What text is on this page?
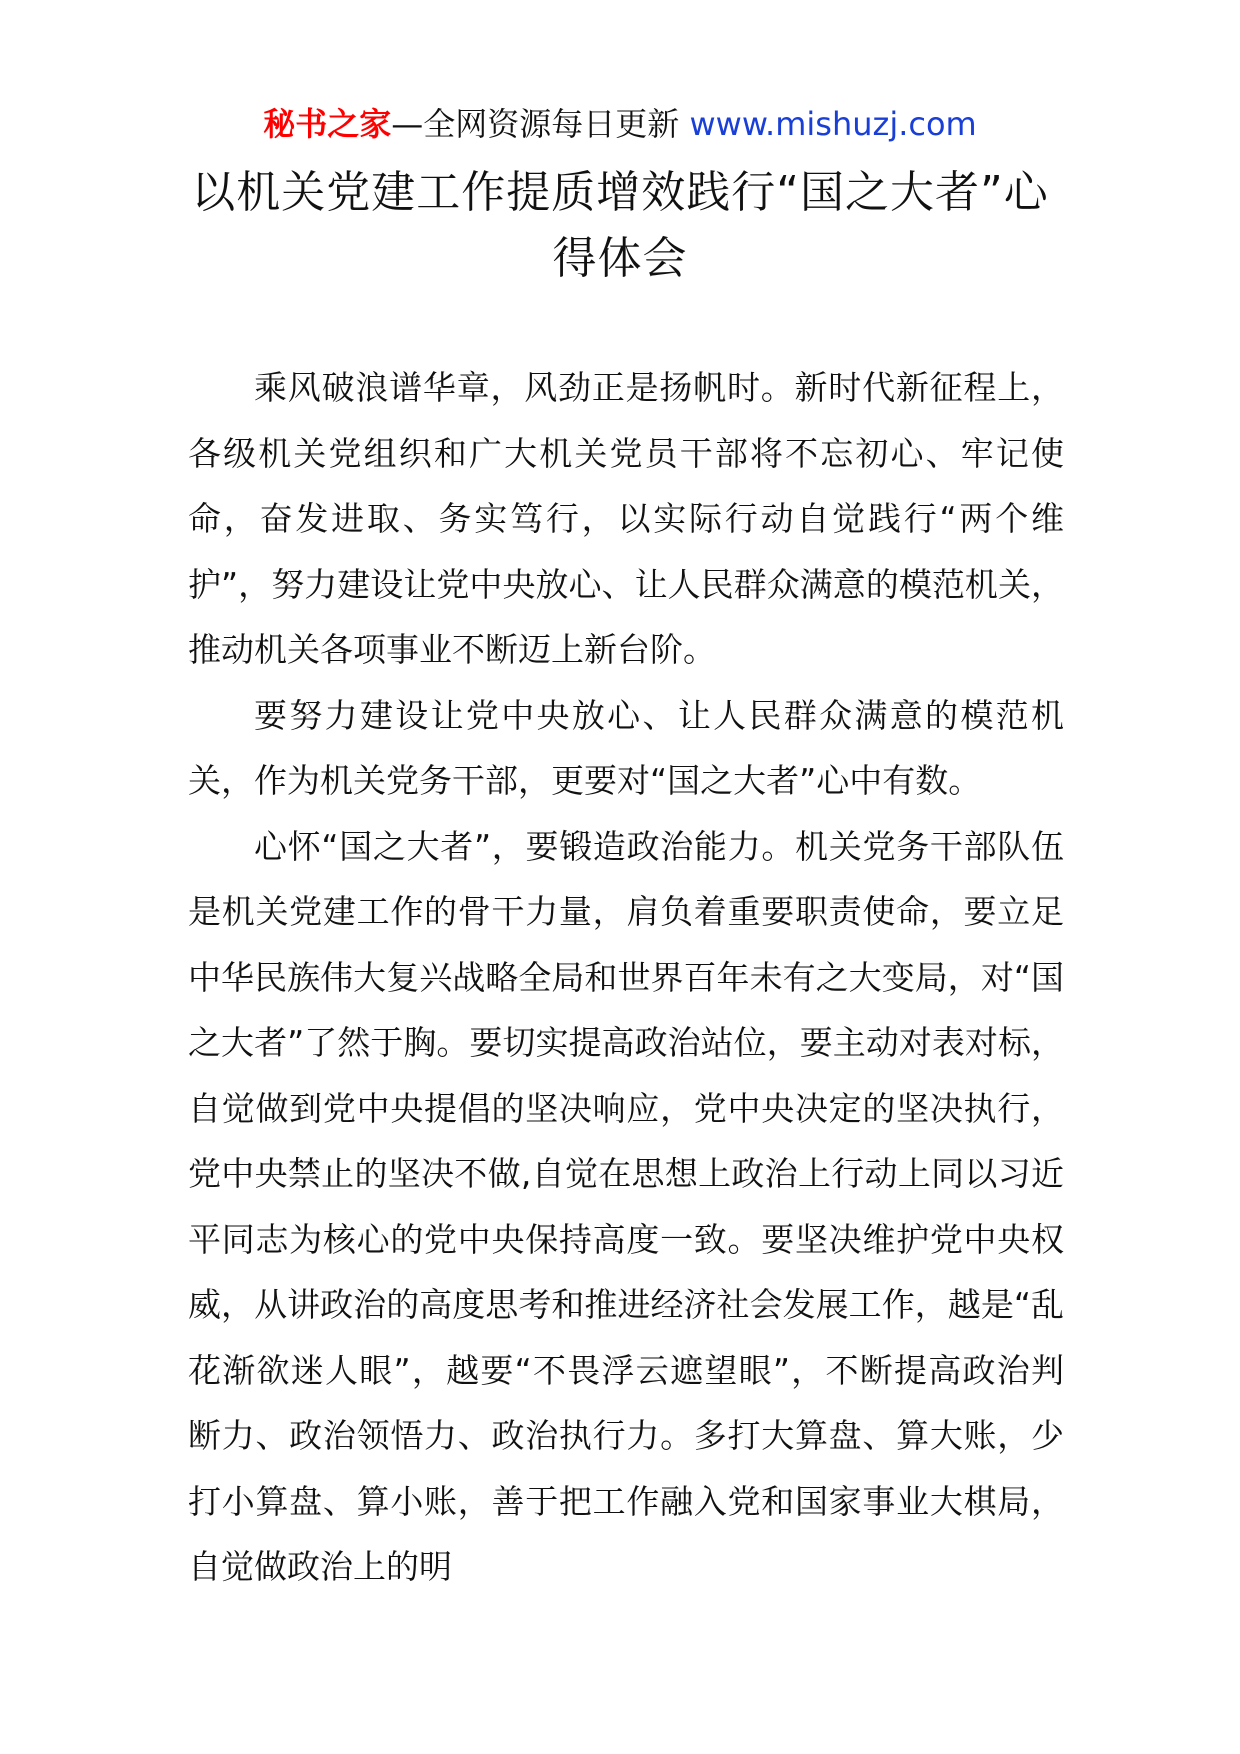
秘书之家—全网资源每日更新 www.mishuzj.com
以机关党建工作提质增效践行“国之大者”心得体会

乘风破浪谱华章，风劲正是扬帆时。新时代新征程上，各级机关党组织和广大机关党员干部将不忘初心、牢记使命，奋发进取、务实笃行，以实际行动自觉践行“两个维护”，努力建设让党中央放心、让人民群众满意的模范机关，推动机关各项事业不断迈上新台阶。

要努力建设让党中央放心、让人民群众满意的模范机关，作为机关党务干部，更要对“国之大者”心中有数。

心怀“国之大者”，要锻造政治能力。机关党务干部队伍是机关党建工作的骨干力量，肩负着重要职责使命，要立足中华民族伟大复兴战略全局和世界百年未有之大变局，对“国之大者”了然于胸。要切实提高政治站位，要主动对表对标，自觉做到党中央提倡的坚决响应，党中央决定的坚决执行，党中央禁止的坚决不做,自觉在思想上政治上行动上同以习近平同志为核心的党中央保持高度一致。要坚决维护党中央权威，从讲政治的高度思考和推进经济社会发展工作，越是“乱花渐欲迷人眼”，越要“不畏浮云遮望眼”，不断提高政治判断力、政治领悟力、政治执行力。多打大算盘、算大账，少打小算盘、算小账，善于把工作融入党和国家事业大棋局，自觉做政治上的明
